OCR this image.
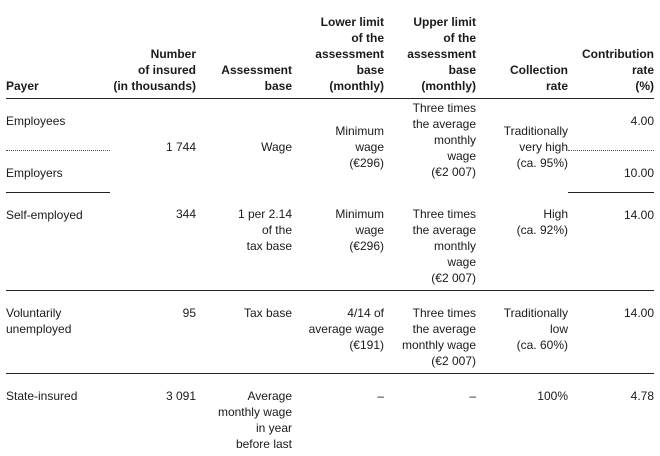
Payer	Number
of insured
(in thousands)	Assessment
base	Lower limit
of the
assessment
base
(monthly)	Upper limit
of the
assessment
base
(monthly)	Collection
rate	Contribution
rate
(%)
Employees	1 744	Wage	Minimum
wage
(€296)	Three times
the average
monthly
wage
(€2 007)	Traditionally
very high
(ca. 95%)	4.00
Employers						10.00
Self-employed	344	1 per 2.14
of the
tax base	Minimum
wage
(€296)	Three times
the average
monthly
wage
(€2 007)	High
(ca. 92%)	14.00
Voluntarily
unemployed	95	Tax base	4/14 of
average wage
(€191)	Three times
the average
monthly wage
(€2 007)	Traditionally
low
(ca. 60%)	14.00
State-insured	3 091	Average
monthly wage
in year
before last	–	–	100%	4.78
